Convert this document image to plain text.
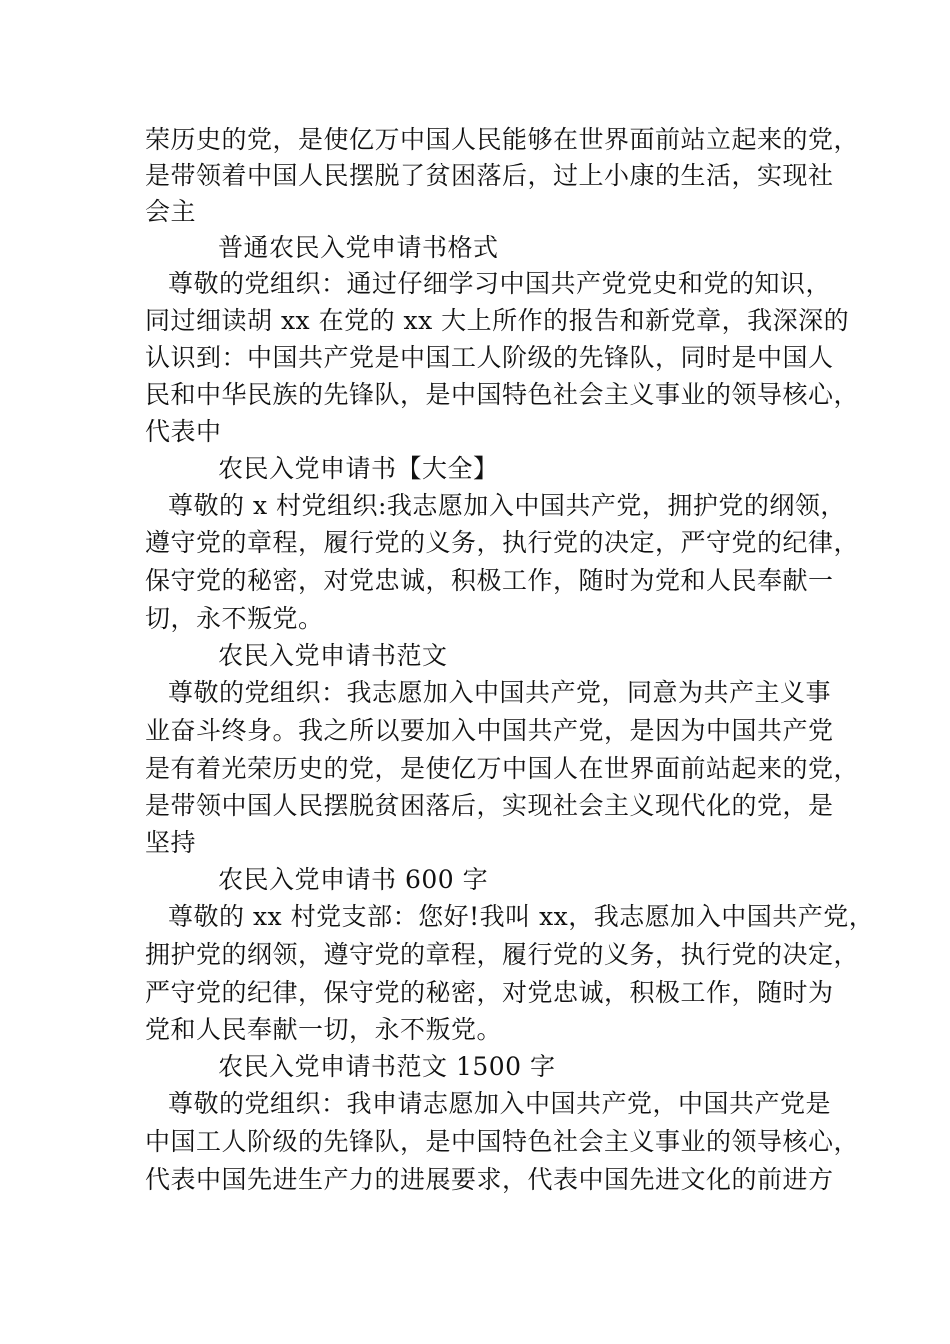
荣历史的党，是使亿万中国人民能够在世界面前站立起来的党，
是带领着中国人民摆脱了贫困落后，过上小康的生活，实现社
会主
普通农民入党申请书格式
尊敬的党组织：通过仔细学习中国共产党党史和党的知识，
同过细读胡 xx 在党的 xx 大上所作的报告和新党章，我深深的
认识到：中国共产党是中国工人阶级的先锋队，同时是中国人
民和中华民族的先锋队，是中国特色社会主义事业的领导核心，
代表中
农民入党申请书【大全】
尊敬的 x 村党组织:我志愿加入中国共产党，拥护党的纲领，
遵守党的章程，履行党的义务，执行党的决定，严守党的纪律，
保守党的秘密，对党忠诚，积极工作，随时为党和人民奉献一
切，永不叛党。
农民入党申请书范文
尊敬的党组织：我志愿加入中国共产党，同意为共产主义事
业奋斗终身。我之所以要加入中国共产党，是因为中国共产党
是有着光荣历史的党，是使亿万中国人在世界面前站起来的党，
是带领中国人民摆脱贫困落后，实现社会主义现代化的党，是
坚持
农民入党申请书 600 字
尊敬的 xx 村党支部：您好!我叫 xx，我志愿加入中国共产党，
拥护党的纲领，遵守党的章程，履行党的义务，执行党的决定，
严守党的纪律，保守党的秘密，对党忠诚，积极工作，随时为
党和人民奉献一切，永不叛党。
农民入党申请书范文 1500 字
尊敬的党组织：我申请志愿加入中国共产党，中国共产党是
中国工人阶级的先锋队，是中国特色社会主义事业的领导核心，
代表中国先进生产力的进展要求，代表中国先进文化的前进方
